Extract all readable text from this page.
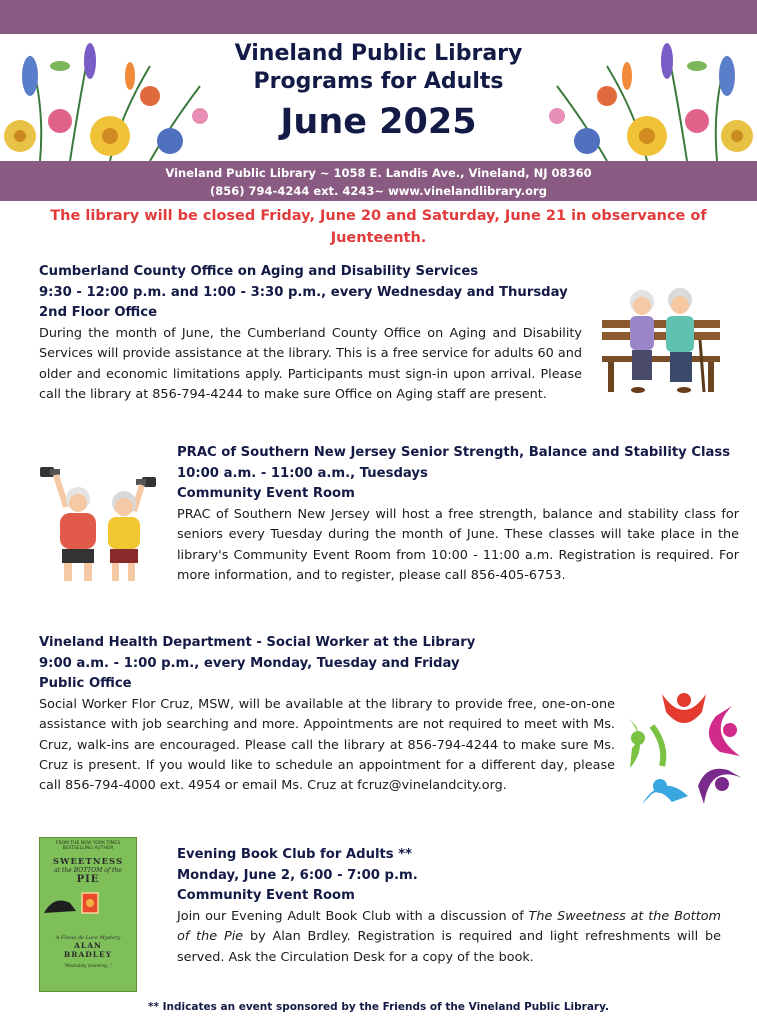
Vineland Public Library
Programs for Adults
June 2025
Vineland Public Library ~ 1058 E. Landis Ave., Vineland, NJ 08360
(856) 794-4244 ext. 4243~ www.vinelandlibrary.org
The library will be closed Friday, June 20 and Saturday, June 21 in observance of Juenteenth.
Cumberland County Office on Aging and Disability Services
9:30 - 12:00 p.m. and 1:00 - 3:30 p.m., every Wednesday and Thursday
2nd Floor Office
During the month of June, the Cumberland County Office on Aging and Disability Services will provide assistance at the library. This is a free service for adults 60 and older and economic limitations apply. Participants must sign-in upon arrival. Please call the library at 856-794-4244 to make sure Office on Aging staff are present.
PRAC of Southern New Jersey Senior Strength, Balance and Stability Class
10:00 a.m. - 11:00 a.m., Tuesdays
Community Event Room
PRAC of Southern New Jersey will host a free strength, balance and stability class for seniors every Tuesday during the month of June. These classes will take place in the library's Community Event Room from 10:00 - 11:00 a.m. Registration is required. For more information, and to register, please call 856-405-6753.
Vineland Health Department - Social Worker at the Library
9:00 a.m. - 1:00 p.m., every Monday, Tuesday and Friday
Public Office
Social Worker Flor Cruz, MSW, will be available at the library to provide free, one-on-one assistance with job searching and more. Appointments are not required to meet with Ms. Cruz, walk-ins are encouraged. Please call the library at 856-794-4244 to make sure Ms. Cruz is present. If you would like to schedule an appointment for a different day, please call 856-794-4000 ext. 4954 or email Ms. Cruz at fcruz@vinelandcity.org.
FROM THE NEW YORK TIMES BESTSELLING AUTHOR
SWEETNESS
at the BOTTOM of the
PIE
A Flavia de Luce Mystery
ALAN
BRADLEY
"Absolutely charming..."
Evening Book Club for Adults **
Monday, June 2, 6:00 - 7:00 p.m.
Community Event Room
Join our Evening Adult Book Club with a discussion of The Sweetness at the Bottom of the Pie by Alan Brdley. Registration is required and light refreshments will be served. Ask the Circulation Desk for a copy of the book.
** Indicates an event sponsored by the Friends of the Vineland Public Library.
